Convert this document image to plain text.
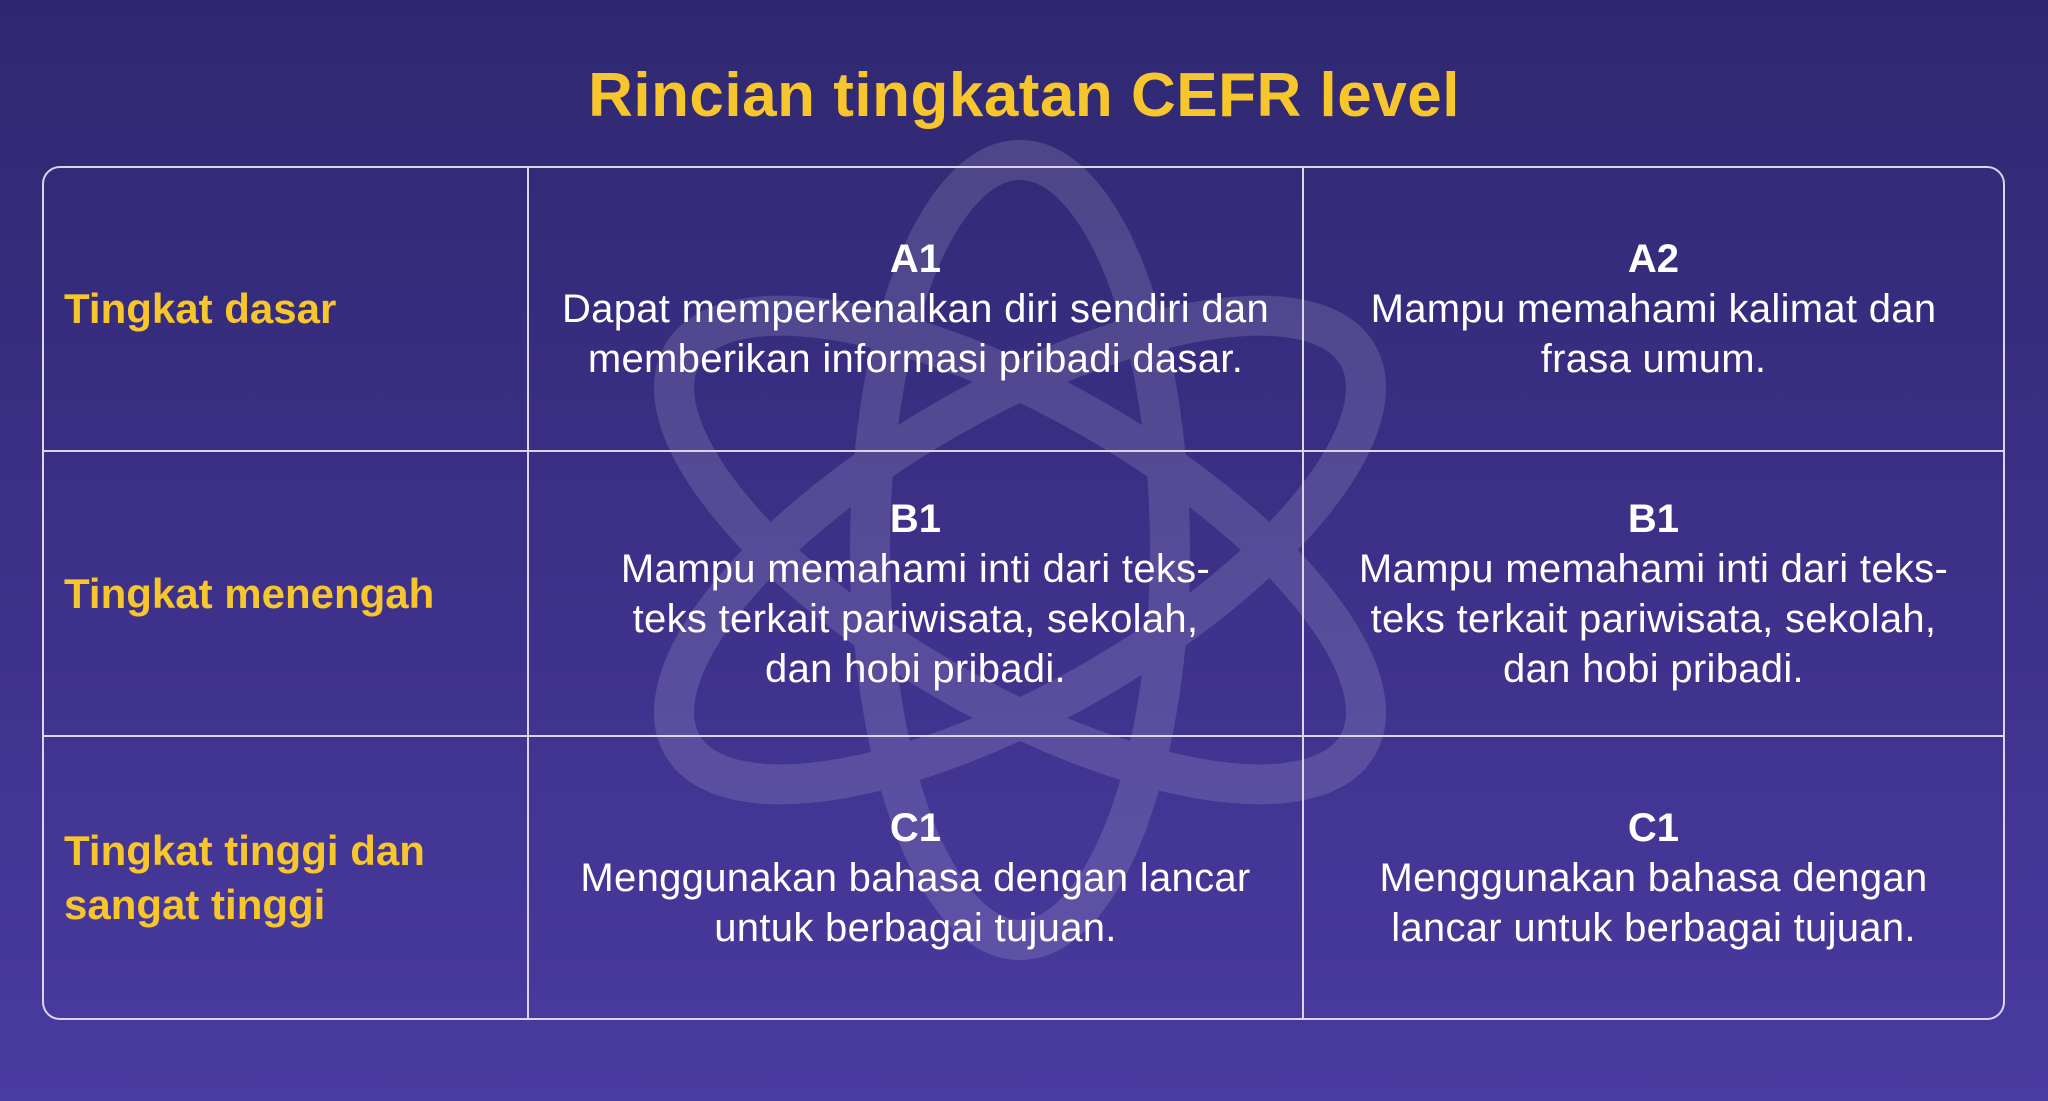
Rincian tingkatan CEFR level
Tingkat dasar
A1
Dapat memperkenalkan diri sendiri dan memberikan informasi pribadi dasar.
A2
Mampu memahami kalimat dan frasa umum.
Tingkat menengah
B1
Mampu memahami inti dari teks-teks terkait pariwisata, sekolah, dan hobi pribadi.
B1
Mampu memahami inti dari teks-teks terkait pariwisata, sekolah, dan hobi pribadi.
Tingkat tinggi dan sangat tinggi
C1
Menggunakan bahasa dengan lancar untuk berbagai tujuan.
C1
Menggunakan bahasa dengan lancar untuk berbagai tujuan.
